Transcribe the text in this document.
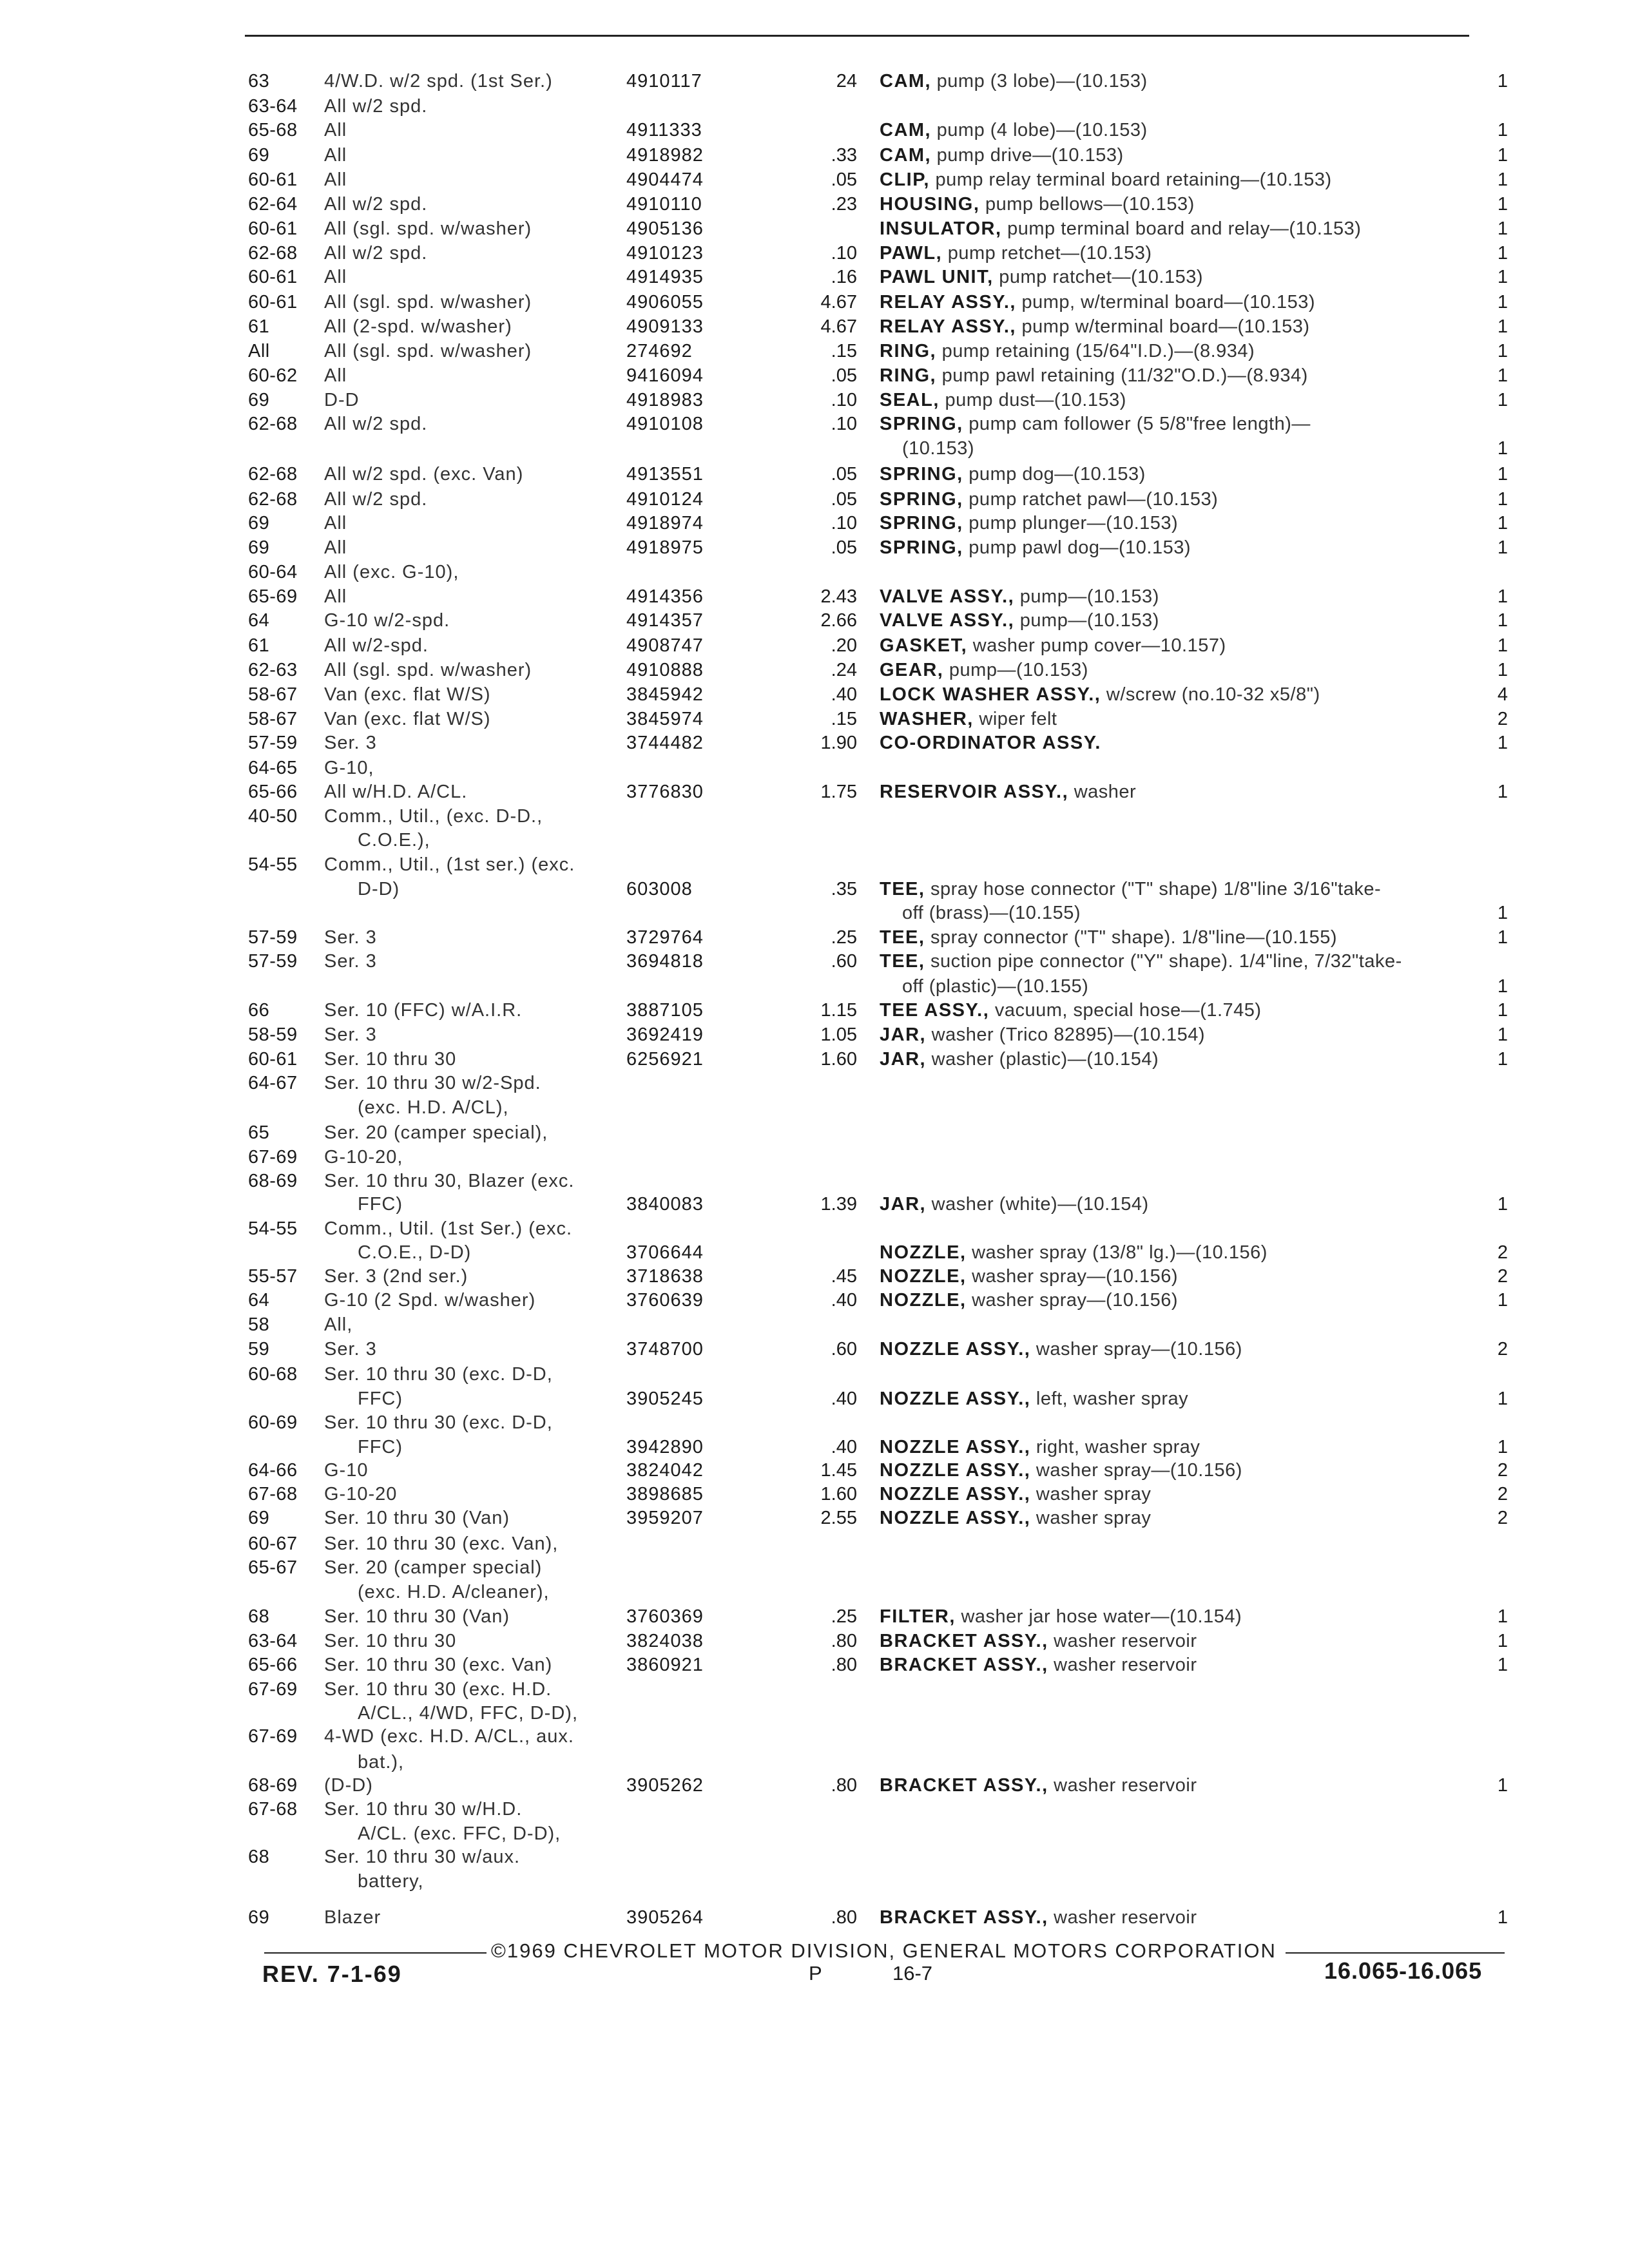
63	4/W.D. w/2 spd. (1st Ser.)	4910117	24 CAM, pump (3 lobe)—(10.153)	1
63-64	All w/2 spd.
65-68	All	4911333	CAM, pump (4 lobe)—(10.153)	1
69	All	4918982	.33 CAM, pump drive—(10.153)	1
60-61	All	4904474	.05 CLIP, pump relay terminal board retaining—(10.153)	1
62-64	All w/2 spd.	4910110	.23 HOUSING, pump bellows—(10.153)	1
60-61	All (sgl. spd. w/washer)	4905136	INSULATOR, pump terminal board and relay—(10.153)	1
62-68	All w/2 spd.	4910123	.10 PAWL, pump retchet—(10.153)	1
60-61	All	4914935	.16 PAWL UNIT, pump ratchet—(10.153)	1
60-61	All (sgl. spd. w/washer)	4906055	4.67 RELAY ASSY., pump, w/terminal board—(10.153)	1
61	All (2-spd. w/washer)	4909133	4.67 RELAY ASSY., pump w/terminal board—(10.153)	1
All	All (sgl. spd. w/washer)	274692	.15 RING, pump retaining (15/64"I.D.)—(8.934)	1
60-62	All	9416094	.05 RING, pump pawl retaining (11/32"O.D.)—(8.934)	1
69	D-D	4918983	.10 SEAL, pump dust—(10.153)	1
62-68	All w/2 spd.	4910108	.10 SPRING, pump cam follower (5 5/8"free length)—
(10.153)	1
62-68	All w/2 spd. (exc. Van)	4913551	.05 SPRING, pump dog—(10.153)	1
62-68	All w/2 spd.	4910124	.05 SPRING, pump ratchet pawl—(10.153)	1
69	All	4918974	.10 SPRING, pump plunger—(10.153)	1
69	All	4918975	.05 SPRING, pump pawl dog—(10.153)	1
60-64	All (exc. G-10),
65-69	All	4914356	2.43 VALVE ASSY., pump—(10.153)	1
64	G-10 w/2-spd.	4914357	2.66 VALVE ASSY., pump—(10.153)	1
61	All w/2-spd.	4908747	.20 GASKET, washer pump cover—10.157)	1
62-63	All (sgl. spd. w/washer)	4910888	.24 GEAR, pump—(10.153)	1
58-67	Van (exc. flat W/S)	3845942	.40 LOCK WASHER ASSY., w/screw (no.10-32 x5/8")	4
58-67	Van (exc. flat W/S)	3845974	.15 WASHER, wiper felt	2
57-59	Ser. 3	3744482	1.90 CO-ORDINATOR ASSY.	1
64-65	G-10,
65-66	All w/H.D. A/CL.	3776830	1.75 RESERVOIR ASSY., washer	1
40-50	Comm., Util., (exc. D-D.,
C.O.E.),
54-55	Comm., Util., (1st ser.) (exc.
D-D)	603008	.35 TEE, spray hose connector ("T" shape) 1/8"line 3/16"take-
off (brass)—(10.155)	1
57-59	Ser. 3	3729764	.25 TEE, spray connector ("T" shape). 1/8"line—(10.155)	1
57-59	Ser. 3	3694818	.60 TEE, suction pipe connector ("Y" shape). 1/4"line, 7/32"take-
off (plastic)—(10.155)	1
66	Ser. 10 (FFC) w/A.I.R.	3887105	1.15 TEE ASSY., vacuum, special hose—(1.745)	1
58-59	Ser. 3	3692419	1.05 JAR, washer (Trico 82895)—(10.154)	1
60-61	Ser. 10 thru 30	6256921	1.60 JAR, washer (plastic)—(10.154)	1
64-67	Ser. 10 thru 30 w/2-Spd.
(exc. H.D. A/CL),
65	Ser. 20 (camper special),
67-69	G-10-20,
68-69	Ser. 10 thru 30, Blazer (exc.
FFC)	3840083	1.39 JAR, washer (white)—(10.154)	1
54-55	Comm., Util. (1st Ser.) (exc.
C.O.E., D-D)	3706644	NOZZLE, washer spray (13/8" lg.)—(10.156)	2
55-57	Ser. 3 (2nd ser.)	3718638	.45 NOZZLE, washer spray—(10.156)	2
64	G-10 (2 Spd. w/washer)	3760639	.40 NOZZLE, washer spray—(10.156)	1
58	All,
59	Ser. 3	3748700	.60 NOZZLE ASSY., washer spray—(10.156)	2
60-68	Ser. 10 thru 30 (exc. D-D,
FFC)	3905245	.40 NOZZLE ASSY., left, washer spray	1
60-69	Ser. 10 thru 30 (exc. D-D,
FFC)	3942890	.40 NOZZLE ASSY., right, washer spray	1
64-66	G-10	3824042	1.45 NOZZLE ASSY., washer spray—(10.156)	2
67-68	G-10-20	3898685	1.60 NOZZLE ASSY., washer spray	2
69	Ser. 10 thru 30 (Van)	3959207	2.55 NOZZLE ASSY., washer spray	2
60-67	Ser. 10 thru 30 (exc. Van),
65-67	Ser. 20 (camper special)
(exc. H.D. A/cleaner),
68	Ser. 10 thru 30 (Van)	3760369	.25 FILTER, washer jar hose water—(10.154)	1
63-64	Ser. 10 thru 30	3824038	.80 BRACKET ASSY., washer reservoir	1
65-66	Ser. 10 thru 30 (exc. Van)	3860921	.80 BRACKET ASSY., washer reservoir	1
67-69	Ser. 10 thru 30 (exc. H.D.
A/CL., 4/WD, FFC, D-D),
67-69	4-WD (exc. H.D. A/CL., aux.
bat.),
68-69	(D-D)	3905262	.80 BRACKET ASSY., washer reservoir	1
67-68	Ser. 10 thru 30 w/H.D.
A/CL. (exc. FFC, D-D),
68	Ser. 10 thru 30 w/aux.
battery,
69	Blazer	3905264	.80 BRACKET ASSY., washer reservoir	1
©1969 CHEVROLET MOTOR DIVISION, GENERAL MOTORS CORPORATION
REV. 7-1-69	P	16-7	16.065-16.065
